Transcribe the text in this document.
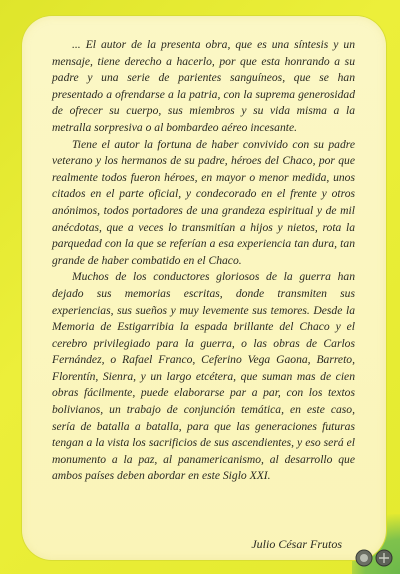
... El autor de la presenta obra, que es una síntesis y un mensaje, tiene derecho a hacerlo, por que esta honrando a su padre y una serie de parientes sanguíneos, que se han presentado a ofrendarse a la patria, con la suprema generosidad de ofrecer su cuerpo, sus miembros y su vida misma a la metralla sorpresiva o al bombardeo aéreo incesante.

Tiene el autor la fortuna de haber convivido con su padre veterano y los hermanos de su padre, héroes del Chaco, por que realmente todos fueron héroes, en mayor o menor medida, unos citados en el parte oficial, y condecorado en el frente y otros anónimos, todos portadores de una grandeza espiritual y de mil anécdotas, que a veces lo transmitían a hijos y nietos, rota la parquedad con la que se referían a esa experiencia tan dura, tan grande de haber combatido en el Chaco.

Muchos de los conductores gloriosos de la guerra han dejado sus memorias escritas, donde transmiten sus experiencias, sus sueños y muy levemente sus temores. Desde la Memoria de Estigarribia la espada brillante del Chaco y el cerebro privilegiado para la guerra, o las obras de Carlos Fernández, o Rafael Franco, Ceferino Vega Gaona, Barreto, Florentín, Sienra, y un largo etcétera, que suman mas de cien obras fácilmente, puede elaborarse par a par, con los textos bolivianos, un trabajo de conjunción temática, en este caso, sería de batalla a batalla, para que las generaciones futuras tengan a la vista los sacrificios de sus ascendientes, y eso será el monumento a la paz, al panamericanismo, al desarrollo que ambos países deben abordar en este Siglo XXI.

Julio César Frutos
